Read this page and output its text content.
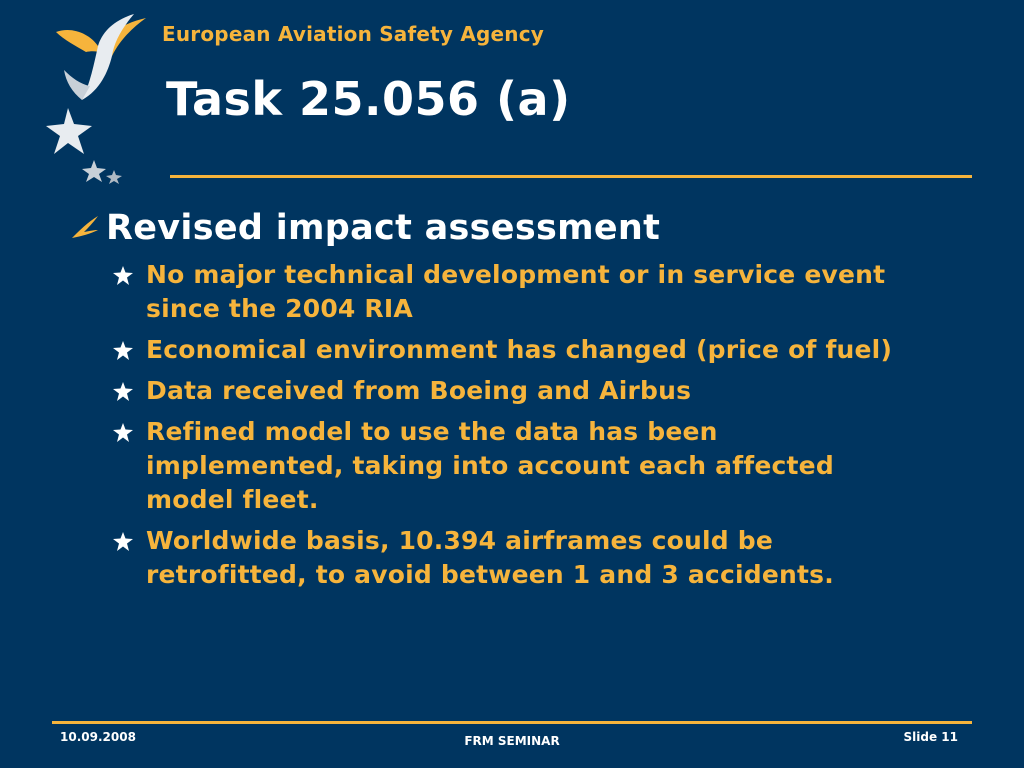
European Aviation Safety Agency
Task 25.056 (a)
Revised impact assessment
No major technical development or in service event since the 2004 RIA
Economical environment has changed (price of fuel)
Data received from Boeing and Airbus
Refined model to use the data has been implemented, taking into account each affected model fleet.
Worldwide basis, 10.394 airframes could be retrofitted, to avoid between 1 and 3 accidents.
10.09.2008	FRM SEMINAR	Slide 11
